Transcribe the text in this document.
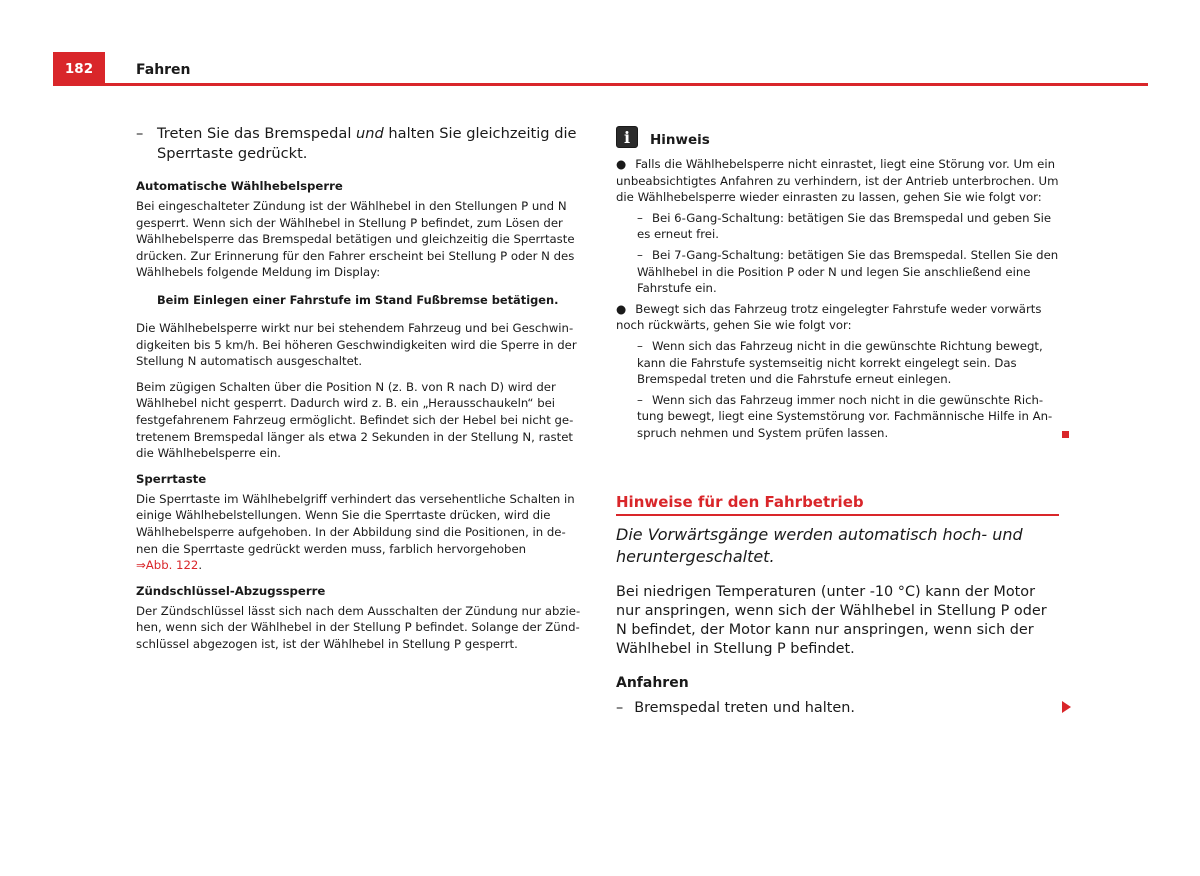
182	Fahren
– Treten Sie das Bremspedal und halten Sie gleichzeitig die Sperrtaste gedrückt.
Automatische Wählhebelsperre

Bei eingeschalteter Zündung ist der Wählhebel in den Stellungen P und N gesperrt. Wenn sich der Wählhebel in Stellung P befindet, zum Lösen der Wählhebelsperre das Bremspedal betätigen und gleichzeitig die Sperrtaste drücken. Zur Erinnerung für den Fahrer erscheint bei Stellung P oder N des Wählhebels folgende Meldung im Display:

Beim Einlegen einer Fahrstufe im Stand Fußbremse betätigen.

Die Wählhebelsperre wirkt nur bei stehendem Fahrzeug und bei Geschwindigkeiten bis 5 km/h. Bei höheren Geschwindigkeiten wird die Sperre in der Stellung N automatisch ausgeschaltet.

Beim zügigen Schalten über die Position N (z. B. von R nach D) wird der Wählhebel nicht gesperrt. Dadurch wird z. B. ein „Herausschaukeln“ bei festgefahrenem Fahrzeug ermöglicht. Befindet sich der Hebel bei nicht getretenem Bremspedal länger als etwa 2 Sekunden in der Stellung N, rastet die Wählhebelsperre ein.

Sperrtaste

Die Sperrtaste im Wählhebelgriff verhindert das versehentliche Schalten in einige Wählhebelstellungen. Wenn Sie die Sperrtaste drücken, wird die Wählhebelsperre aufgehoben. In der Abbildung sind die Positionen, in denen die Sperrtaste gedrückt werden muss, farblich hervorgehoben
⇒Abb. 122.

Zündschlüssel-Abzugssperre

Der Zündschlüssel lässt sich nach dem Ausschalten der Zündung nur abziehen, wenn sich der Wählhebel in der Stellung P befindet. Solange der Zündschlüssel abgezogen ist, ist der Wählhebel in Stellung P gesperrt.

i	Hinweis
● Falls die Wählhebelsperre nicht einrastet, liegt eine Störung vor. Um ein unbeabsichtigtes Anfahren zu verhindern, ist der Antrieb unterbrochen. Um die Wählhebelsperre wieder einrasten zu lassen, gehen Sie wie folgt vor:
– Bei 6-Gang-Schaltung: betätigen Sie das Bremspedal und geben Sie es erneut frei.
– Bei 7-Gang-Schaltung: betätigen Sie das Bremspedal. Stellen Sie den Wählhebel in die Position P oder N und legen Sie anschließend eine Fahrstufe ein.
● Bewegt sich das Fahrzeug trotz eingelegter Fahrstufe weder vorwärts noch rückwärts, gehen Sie wie folgt vor:
– Wenn sich das Fahrzeug nicht in die gewünschte Richtung bewegt, kann die Fahrstufe systemseitig nicht korrekt eingelegt sein. Das Bremspedal treten und die Fahrstufe erneut einlegen.
– Wenn sich das Fahrzeug immer noch nicht in die gewünschte Richtung bewegt, liegt eine Systemstörung vor. Fachmännische Hilfe in Anspruch nehmen und System prüfen lassen.
Hinweise für den Fahrbetrieb
Die Vorwärtsgänge werden automatisch hoch- und heruntergeschaltet.
Bei niedrigen Temperaturen (unter -10 °C) kann der Motor nur anspringen, wenn sich der Wählhebel in Stellung P oder N befindet, der Motor kann nur anspringen, wenn sich der Wählhebel in Stellung P befindet.
Anfahren
– Bremspedal treten und halten.
